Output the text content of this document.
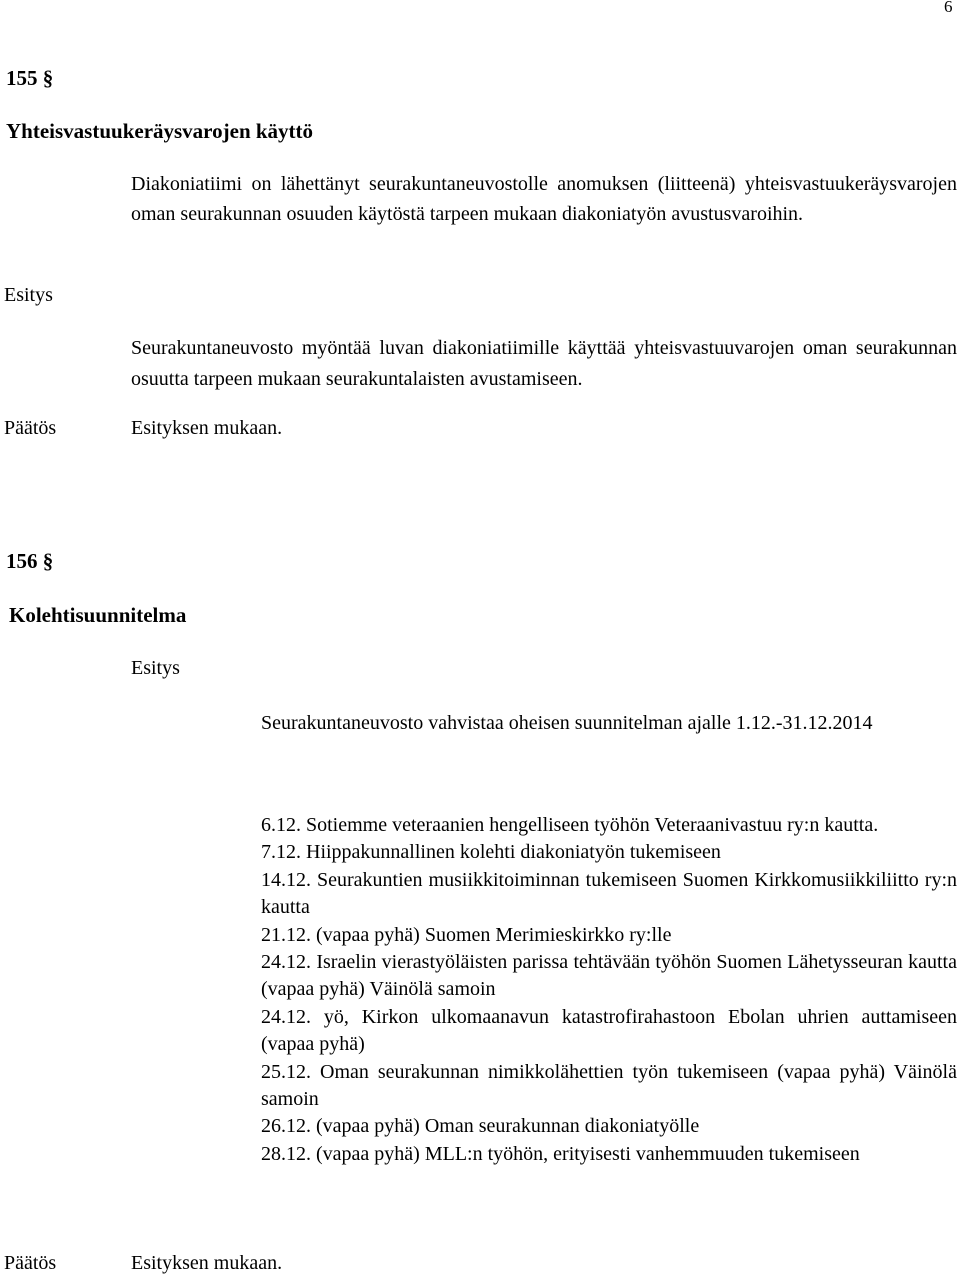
6
155 §
Yhteisvastuukeräysvarojen käyttö
Diakoniatiimi on lähettänyt seurakuntaneuvostolle anomuksen (liitteenä) yhteisvastuukeräysvarojen oman seurakunnan osuuden käytöstä tarpeen mukaan diakoniatyön avustusvaroihin.
Esitys
Seurakuntaneuvosto myöntää luvan diakoniatiimille käyttää yhteisvastuuvarojen oman seurakunnan osuutta tarpeen mukaan seurakuntalaisten avustamiseen.
Päätös	Esityksen mukaan.
156 §
Kolehtisuunnitelma
Esitys
Seurakuntaneuvosto vahvistaa oheisen suunnitelman ajalle 1.12.-31.12.2014
6.12. Sotiemme veteraanien hengelliseen työhön Veteraanivastuu ry:n kautta.
7.12. Hiippakunnallinen kolehti diakoniatyön tukemiseen
14.12. Seurakuntien musiikkitoiminnan tukemiseen Suomen Kirkkomusiikkiliitto ry:n kautta
21.12. (vapaa pyhä) Suomen Merimieskirkko ry:lle
24.12. Israelin vierastyöläisten parissa tehtävään työhön Suomen Lähetysseuran kautta (vapaa pyhä) Väinölä samoin
24.12. yö, Kirkon ulkomaanavun katastrofirahastoon Ebolan uhrien auttamiseen (vapaa pyhä)
25.12. Oman seurakunnan nimikkolähettien työn tukemiseen (vapaa pyhä) Väinölä samoin
26.12. (vapaa pyhä) Oman seurakunnan diakoniatyölle
28.12. (vapaa pyhä) MLL:n työhön, erityisesti vanhemmuuden tukemiseen
Päätös	Esityksen mukaan.
